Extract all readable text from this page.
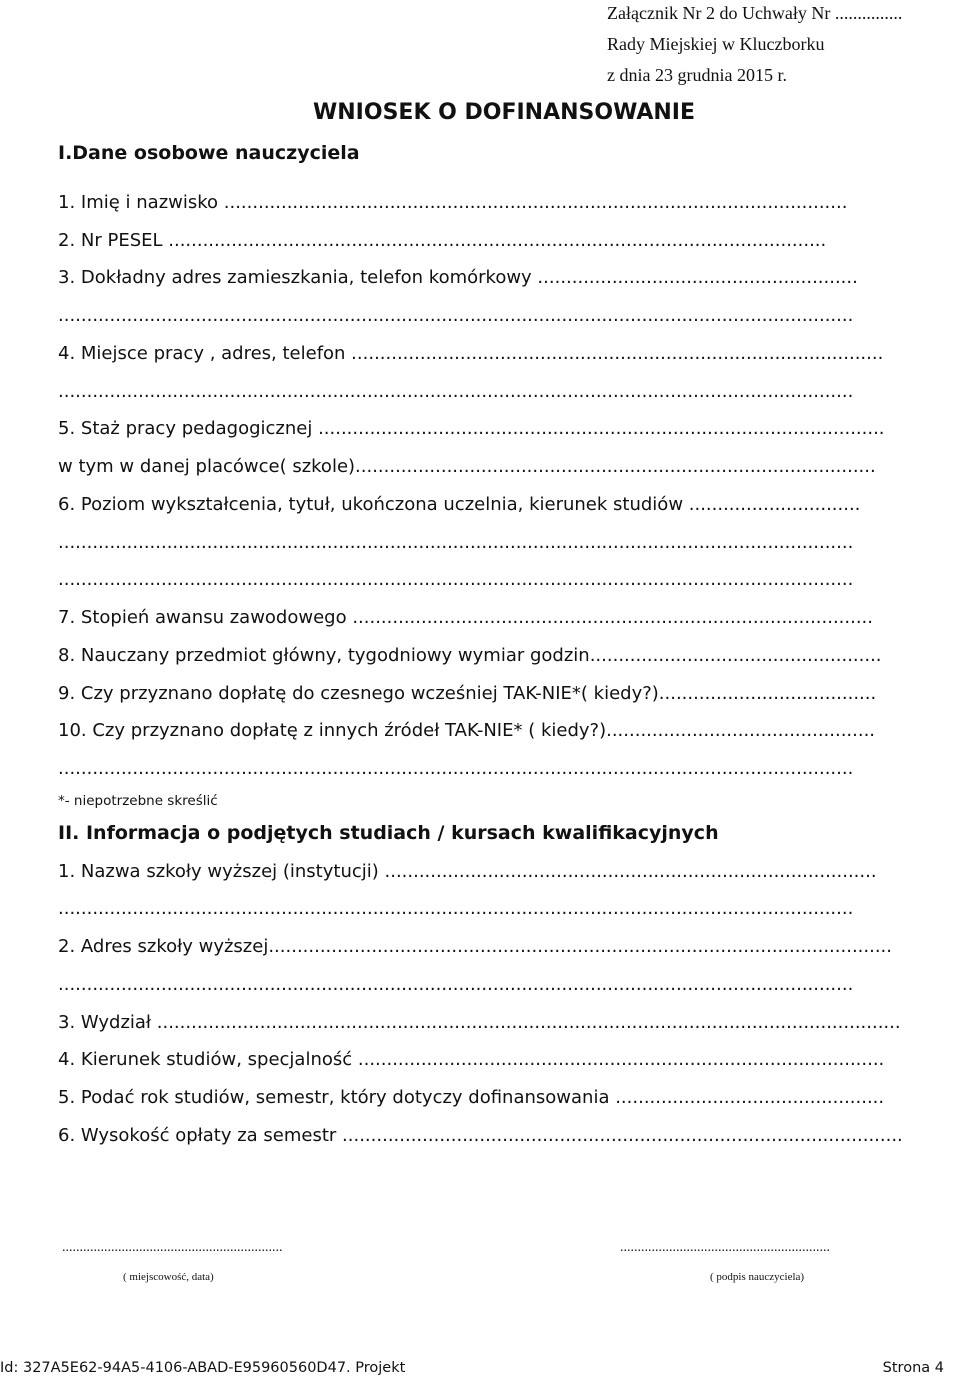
Załącznik Nr 2 do Uchwały Nr ...............
Rady Miejskiej w Kluczborku
z dnia 23 grudnia 2015 r.
WNIOSEK O DOFINANSOWANIE
I.Dane osobowe nauczyciela
1. Imię i nazwisko .............................................................................................................
2. Nr PESEL ...................................................................................................................
3. Dokładny adres zamieszkania, telefon komórkowy ........................................................
...........................................................................................................................................
4. Miejsce pracy , adres, telefon .............................................................................................
...........................................................................................................................................
5. Staż pracy pedagogicznej ...................................................................................................
w tym w danej placówce( szkole)...........................................................................................
6. Poziom wykształcenia, tytuł, ukończona uczelnia, kierunek studiów ..............................
...........................................................................................................................................
...........................................................................................................................................
7. Stopień awansu zawodowego ...........................................................................................
8. Nauczany przedmiot główny, tygodniowy wymiar godzin...................................................
9. Czy przyznano dopłatę do czesnego wcześniej TAK-NIE*( kiedy?)......................................
10. Czy przyznano dopłatę z innych źródeł TAK-NIE* ( kiedy?)...............................................
...........................................................................................................................................
*- niepotrzebne skreślić
II. Informacja o podjętych studiach / kursach kwalifikacyjnych
1. Nazwa szkoły wyższej (instytucji) ......................................................................................
...........................................................................................................................................
2. Adres szkoły wyższej.............................................................................................................
...........................................................................................................................................
3. Wydział ..................................................................................................................................
4. Kierunek studiów, specjalność ............................................................................................
5. Podać rok studiów, semestr, który dotyczy dofinansowania ...............................................
6. Wysokość opłaty za semestr ..................................................................................................
...............................................................
( miejscowość, data)
............................................................
( podpis nauczyciela)
Id: 327A5E62-94A5-4106-ABAD-E95960560D47. Projekt	Strona 4
